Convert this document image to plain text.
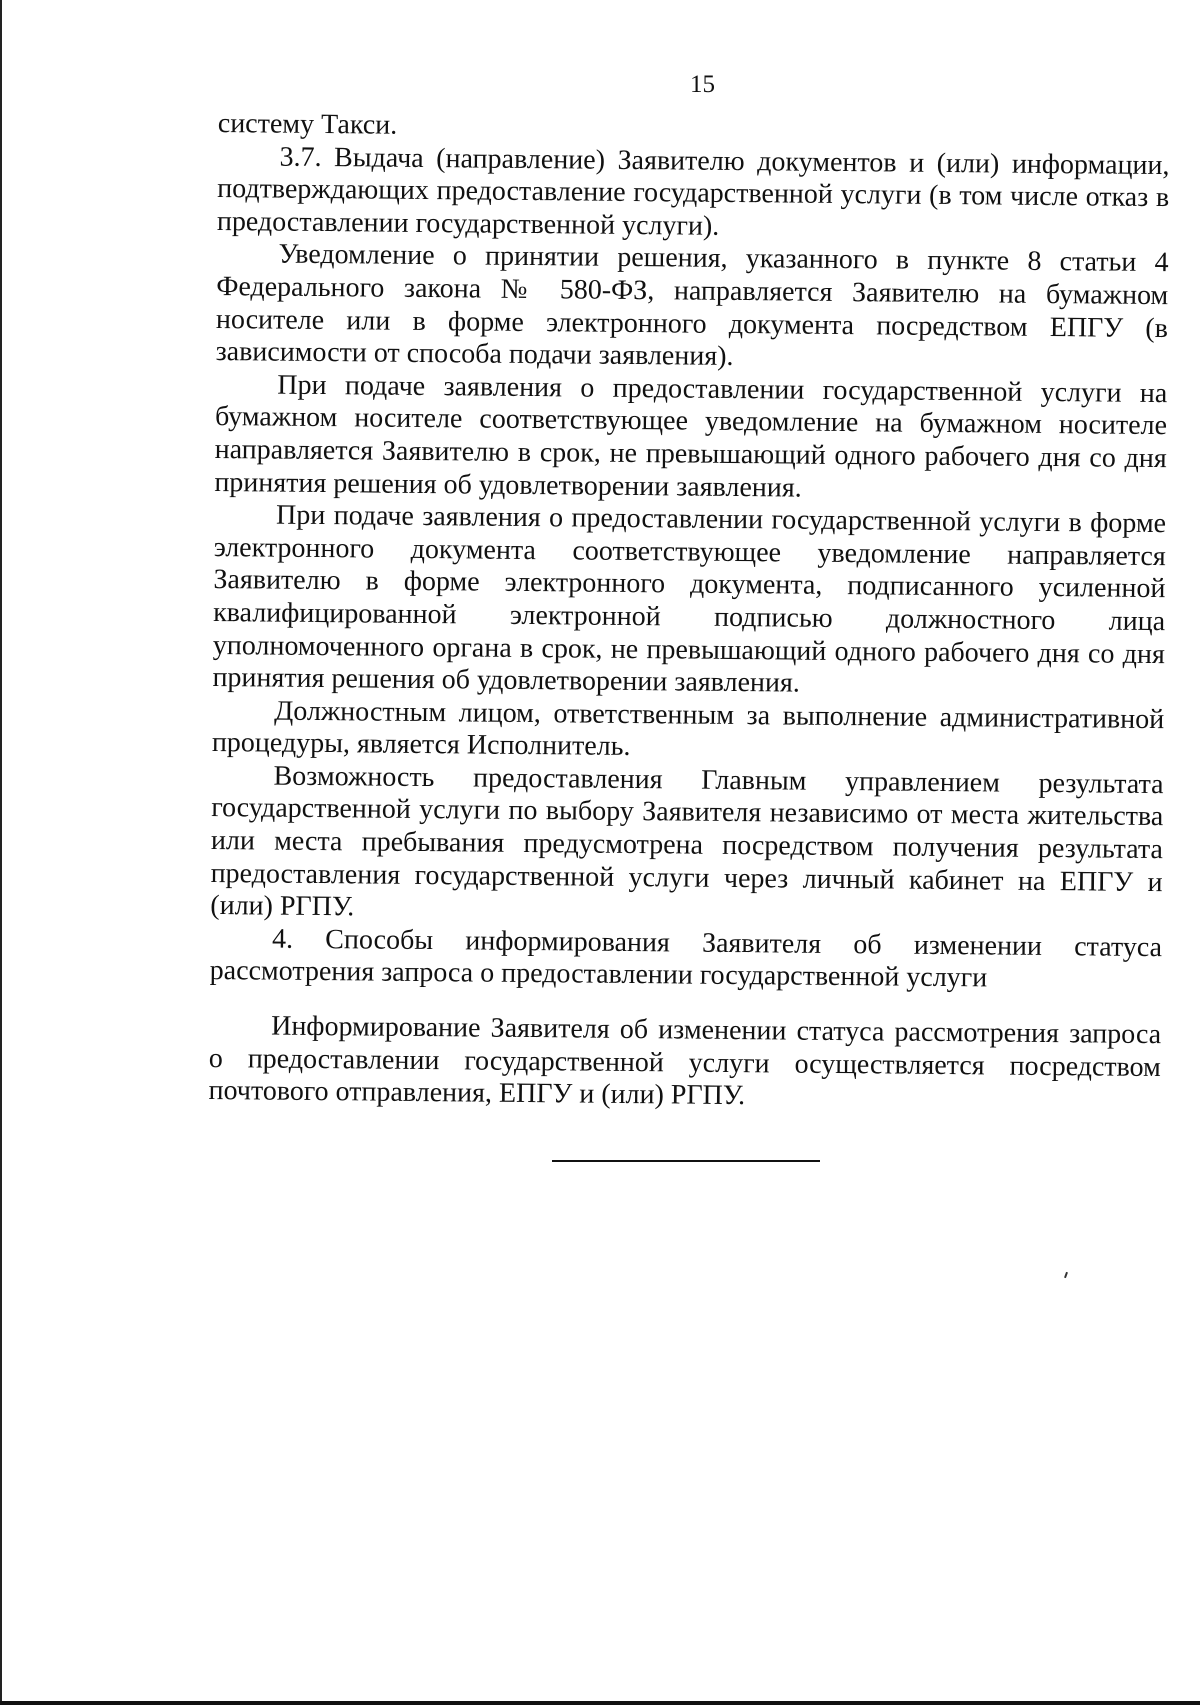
15

систему Такси.

3.7. Выдача (направление) Заявителю документов и (или) информации, подтверждающих предоставление государственной услуги (в том числе отказ в предоставлении государственной услуги).

Уведомление о принятии решения, указанного в пункте 8 статьи 4 Федерального закона № 580-ФЗ, направляется Заявителю на бумажном носителе или в форме электронного документа посредством ЕПГУ (в зависимости от способа подачи заявления).

При подаче заявления о предоставлении государственной услуги на бумажном носителе соответствующее уведомление на бумажном носителе направляется Заявителю в срок, не превышающий одного рабочего дня со дня принятия решения об удовлетворении заявления.

При подаче заявления о предоставлении государственной услуги в форме электронного документа соответствующее уведомление направляется Заявителю в форме электронного документа, подписанного усиленной квалифицированной электронной подписью должностного лица уполномоченного органа в срок, не превышающий одного рабочего дня со дня принятия решения об удовлетворении заявления.

Должностным лицом, ответственным за выполнение административной процедуры, является Исполнитель.

Возможность предоставления Главным управлением результата государственной услуги по выбору Заявителя независимо от места жительства или места пребывания предусмотрена посредством получения результата предоставления государственной услуги через личный кабинет на ЕПГУ и (или) РГПУ.

4. Способы информирования Заявителя об изменении статуса рассмотрения запроса о предоставлении государственной услуги

Информирование Заявителя об изменении статуса рассмотрения запроса о предоставлении государственной услуги осуществляется посредством почтового отправления, ЕПГУ и (или) РГПУ.
